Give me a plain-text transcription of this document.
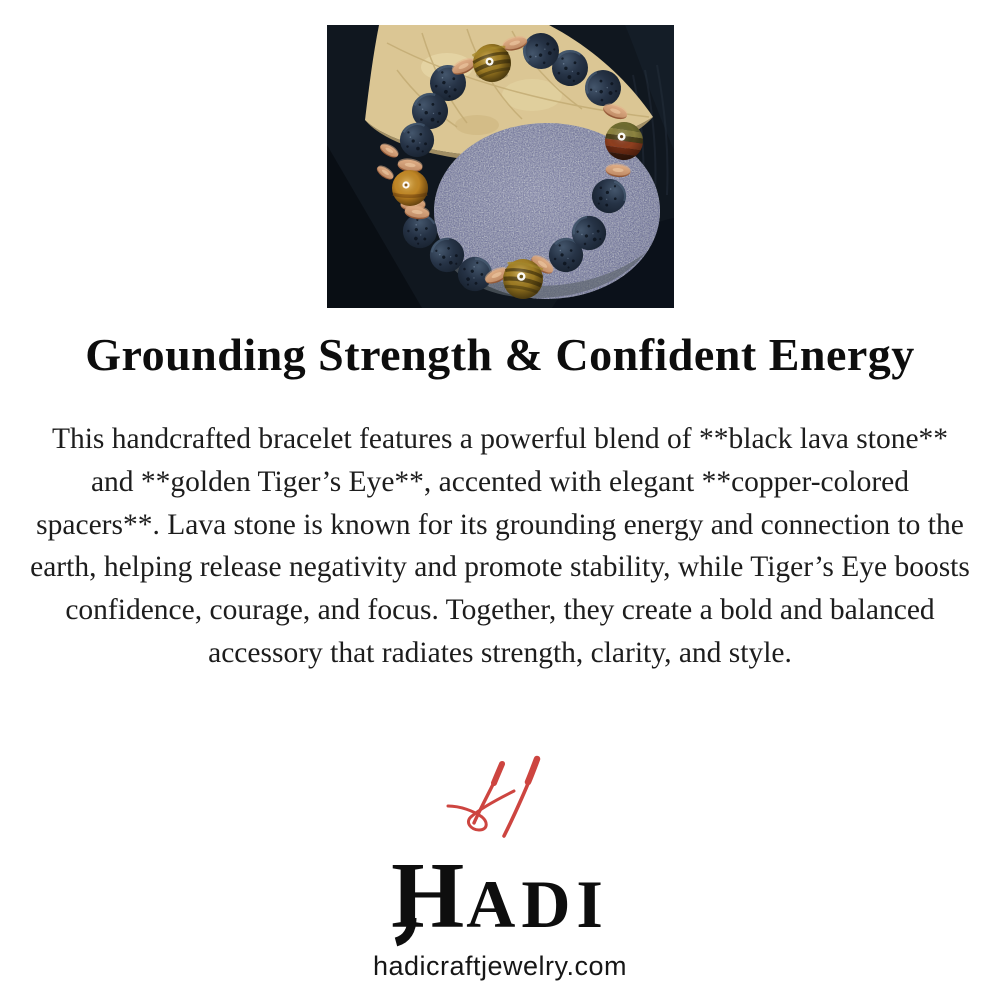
Grounding Strength & Confident Energy

This handcrafted bracelet features a powerful blend of **black lava stone** and **golden Tiger’s Eye**, accented with elegant **copper-colored spacers**. Lava stone is known for its grounding energy and connection to the earth, helping release negativity and promote stability, while Tiger’s Eye boosts confidence, courage, and focus. Together, they create a bold and balanced accessory that radiates strength, clarity, and style.

H
ADI
hadicraftjewelry.com
